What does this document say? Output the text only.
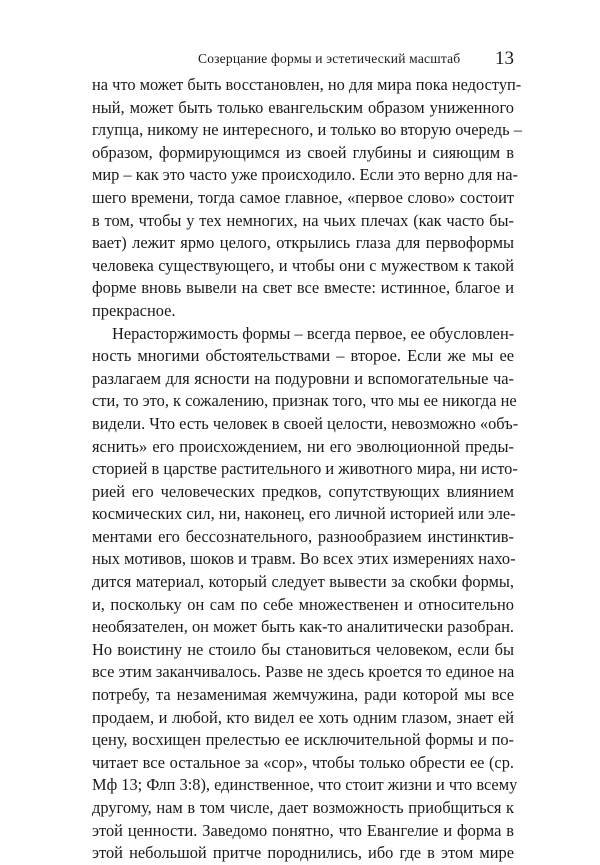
Созерцание формы и эстетический масштаб 13
на что может быть восстановлен, но для мира пока недоступ-
ный, может быть только евангельским образом униженного
глупца, никому не интересного, и только во вторую очередь –
образом, формирующимся из своей глубины и сияющим в
мир – как это часто уже происходило. Если это верно для на-
шего времени, тогда самое главное, «первое слово» состоит
в том, чтобы у тех немногих, на чьих плечах (как часто бы-
вает) лежит ярмо целого, открылись глаза для первоформы
человека существующего, и чтобы они с мужеством к такой
форме вновь вывели на свет все вместе: истинное, благое и
прекрасное.
Нерасторжимость формы – всегда первое, ее обусловлен-
ность многими обстоятельствами – второе. Если же мы ее
разлагаем для ясности на подуровни и вспомогательные ча-
сти, то это, к сожалению, признак того, что мы ее никогда не
видели. Что есть человек в своей целости, невозможно «объ-
яснить» его происхождением, ни его эволюционной преды-
сторией в царстве растительного и животного мира, ни исто-
рией его человеческих предков, сопутствующих влиянием
космических сил, ни, наконец, его личной историей или эле-
ментами его бессознательного, разнообразием инстинктив-
ных мотивов, шоков и травм. Во всех этих измерениях нахо-
дится материал, который следует вывести за скобки формы,
и, поскольку он сам по себе множественен и относительно
необязателен, он может быть как-то аналитически разобран.
Но воистину не стоило бы становиться человеком, если бы
все этим заканчивалось. Разве не здесь кроется то единое на
потребу, та незаменимая жемчужина, ради которой мы все
продаем, и любой, кто видел ее хоть одним глазом, знает ей
цену, восхищен прелестью ее исключительной формы и по-
читает все остальное за «сор», чтобы только обрести ее (ср.
Мф 13; Флп 3:8), единственное, что стоит жизни и что всему
другому, нам в том числе, дает возможность приобщиться к
этой ценности. Заведомо понятно, что Евангелие и форма в
этой небольшой притче породнились, ибо где в этом мире
